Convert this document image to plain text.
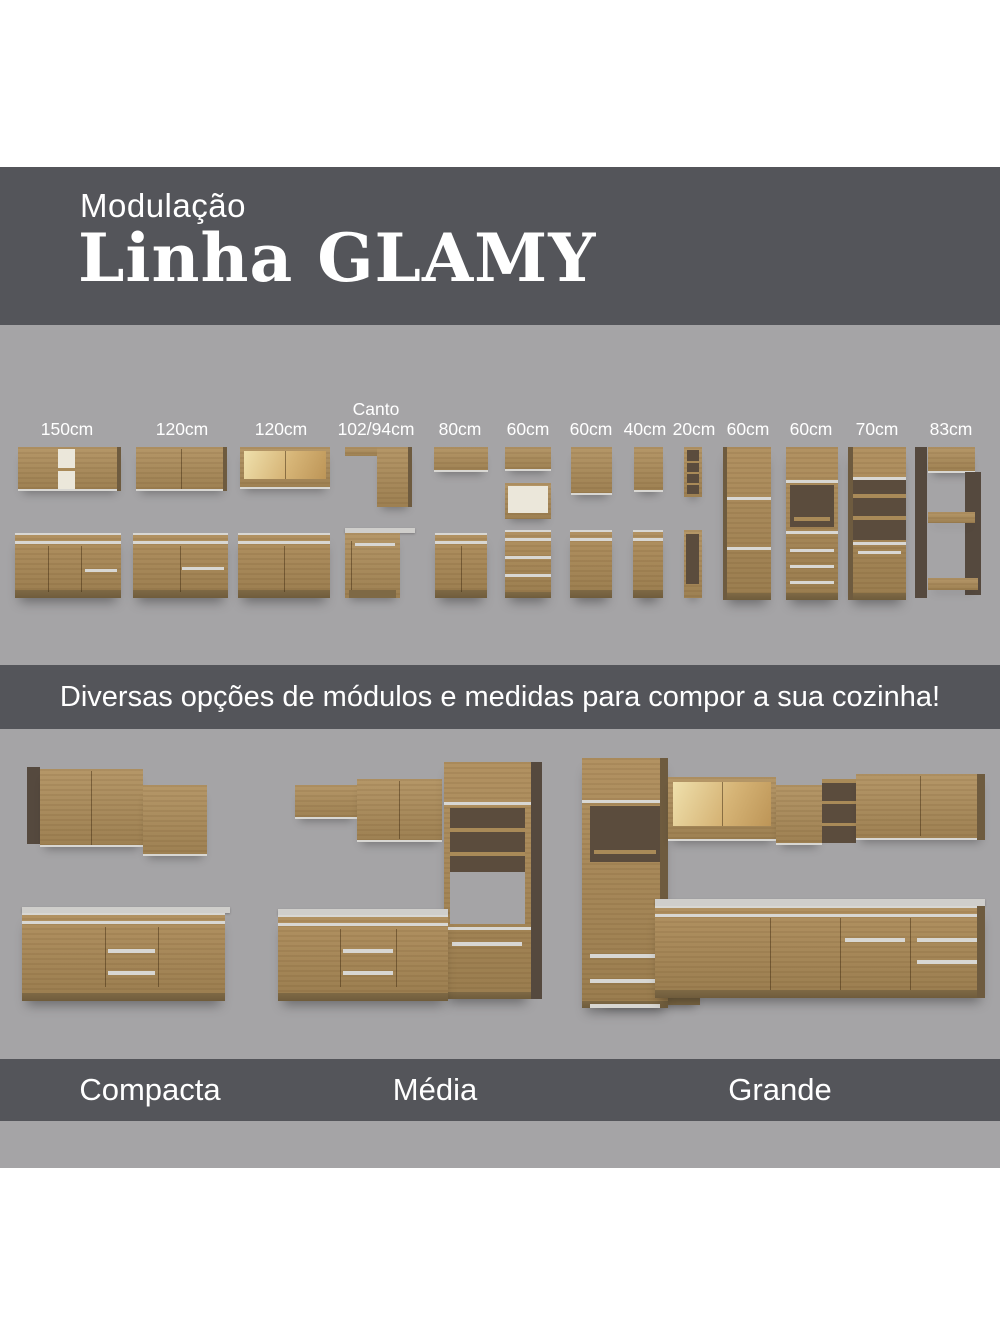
Modulação
Linha GLAMY
150cm	120cm	120cm
Canto
102/94cm 80cm 60cm 60cm 40cm 20cm 60cm 60cm 70cm 83cm
Diversas opções de módulos e medidas para compor a sua cozinha!
Compacta	Média	Grande
